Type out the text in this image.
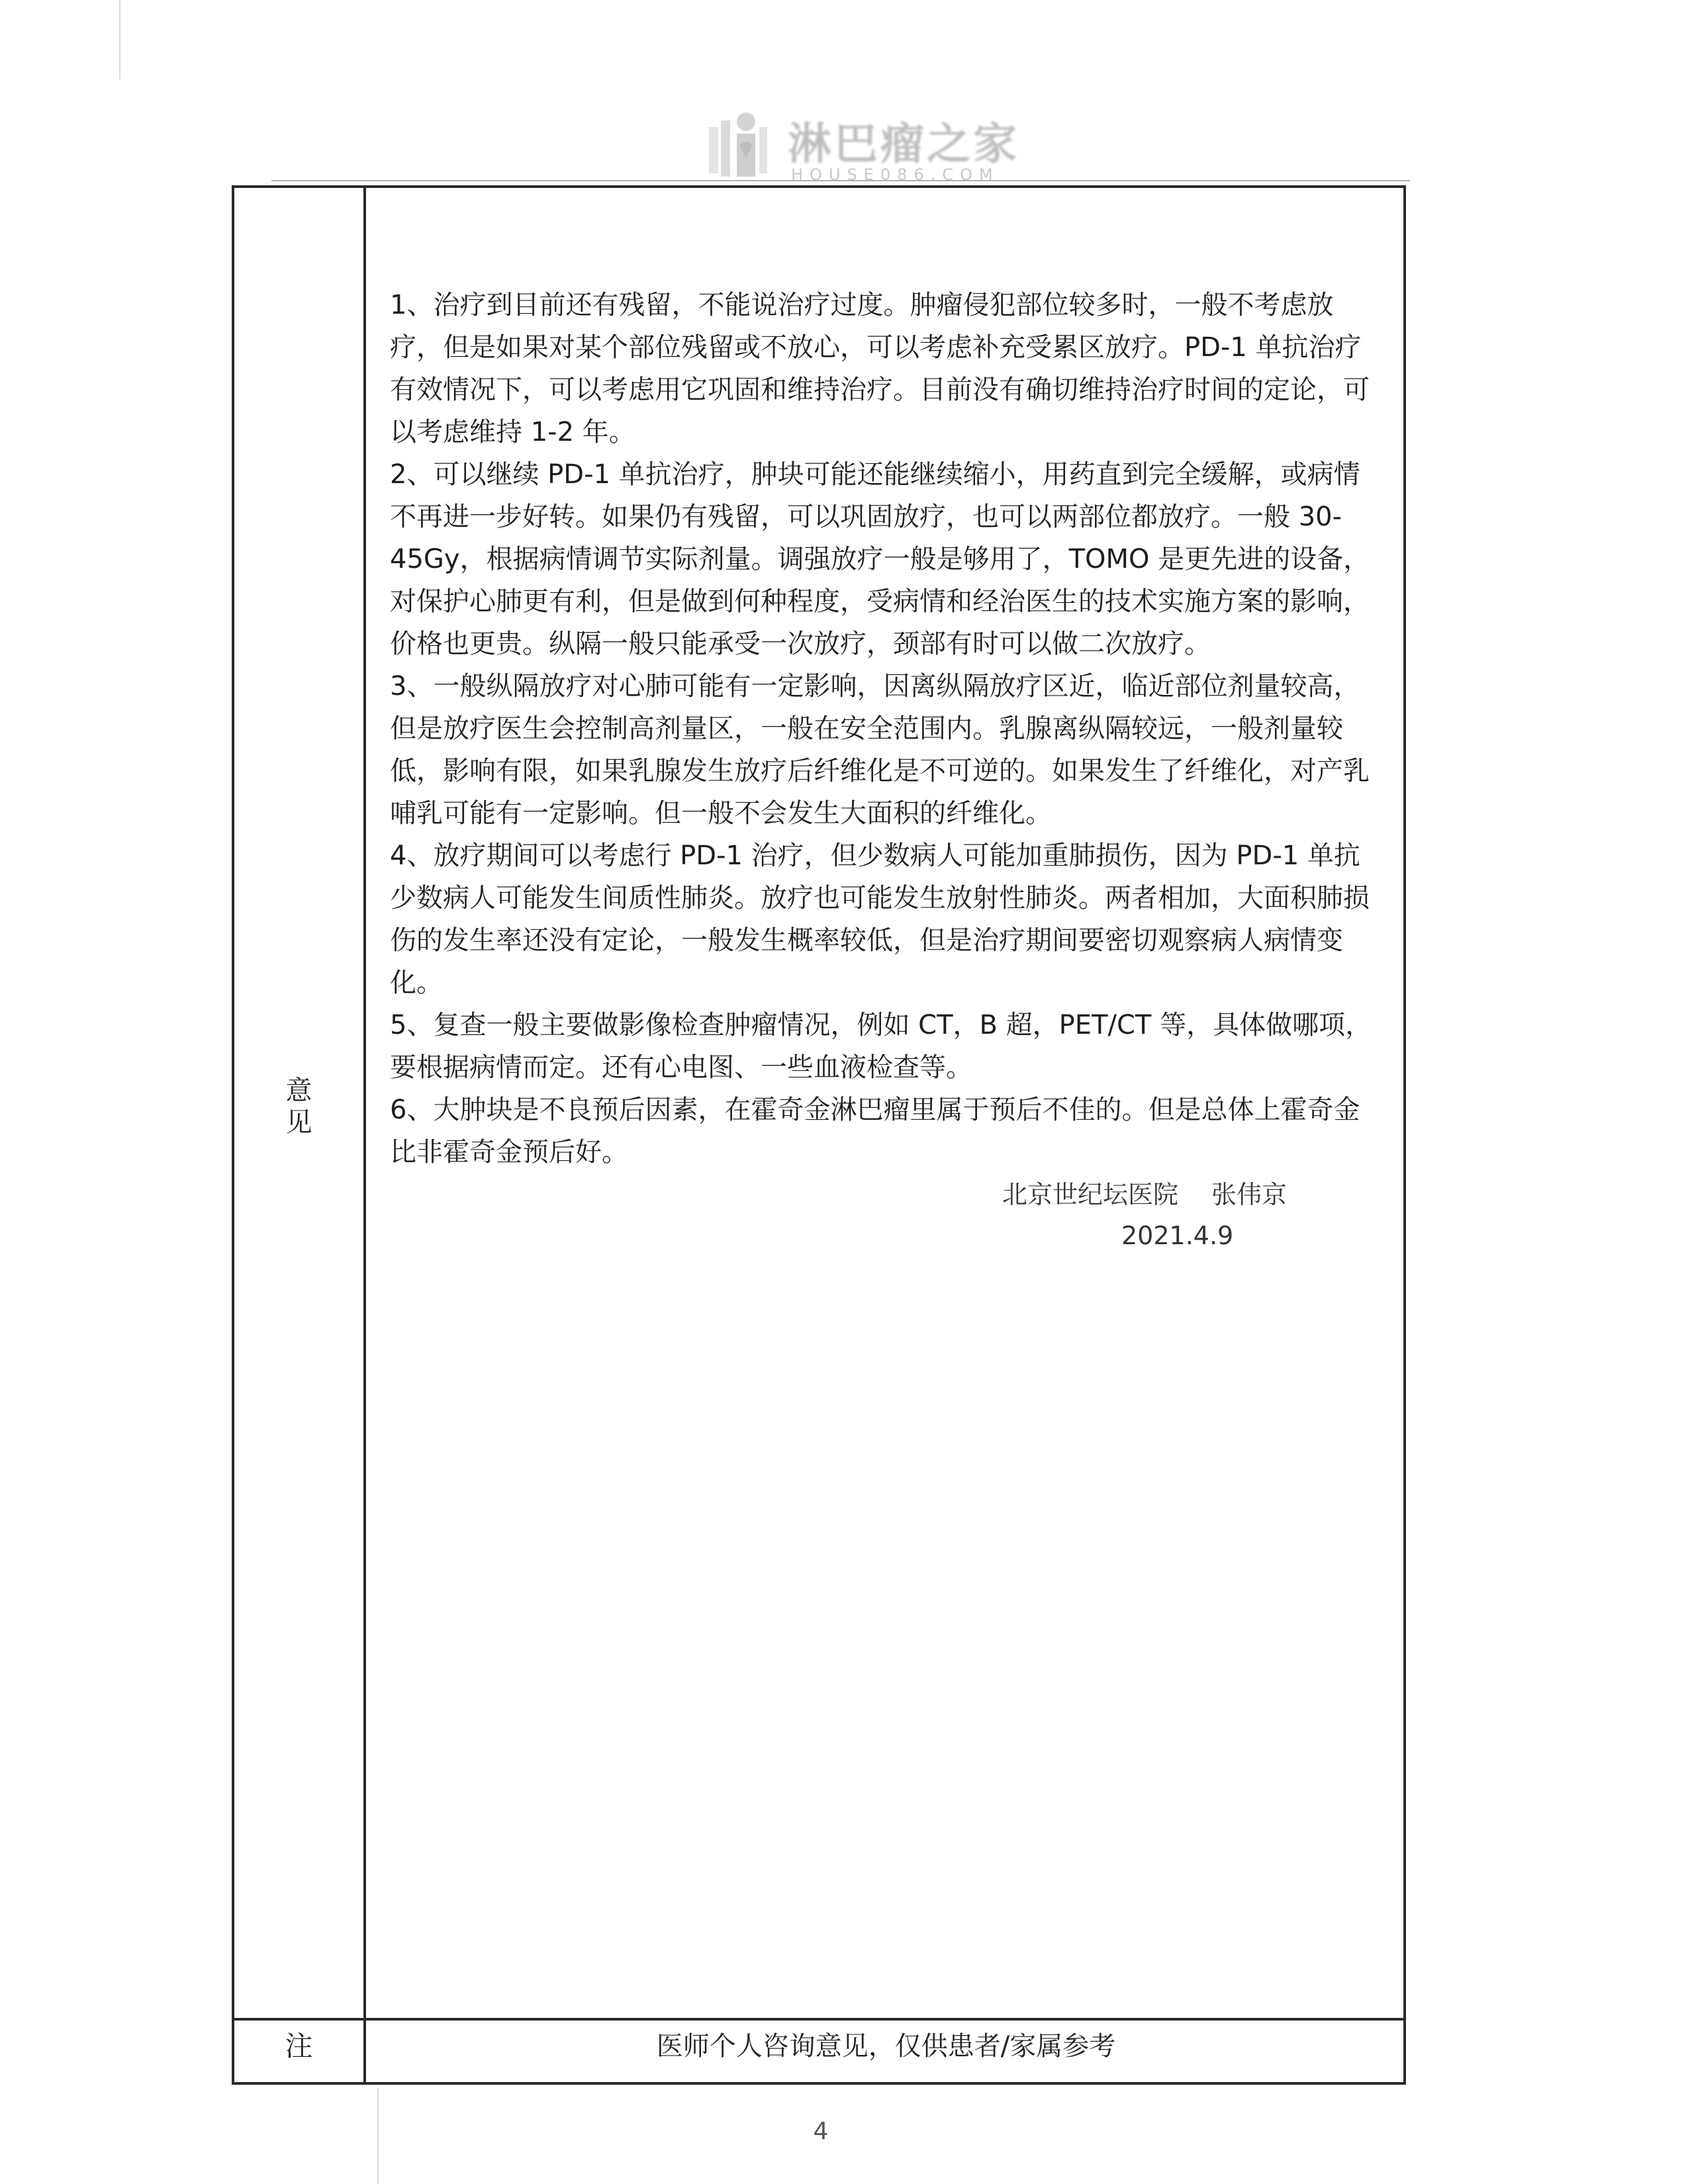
淋巴瘤之家
HOUSE086.COM
意见

1、治疗到目前还有残留，不能说治疗过度。肿瘤侵犯部位较多时，一般不考虑放疗，但是如果对某个部位残留或不放心，可以考虑补充受累区放疗。PD-1 单抗治疗有效情况下，可以考虑用它巩固和维持治疗。目前没有确切维持治疗时间的定论，可以考虑维持 1-2 年。

2、可以继续 PD-1 单抗治疗，肿块可能还能继续缩小，用药直到完全缓解，或病情不再进一步好转。如果仍有残留，可以巩固放疗，也可以两部位都放疗。一般 30-45Gy，根据病情调节实际剂量。调强放疗一般是够用了，TOMO 是更先进的设备，对保护心肺更有利，但是做到何种程度，受病情和经治医生的技术实施方案的影响，价格也更贵。纵隔一般只能承受一次放疗，颈部有时可以做二次放疗。

3、一般纵隔放疗对心肺可能有一定影响，因离纵隔放疗区近，临近部位剂量较高，但是放疗医生会控制高剂量区，一般在安全范围内。乳腺离纵隔较远，一般剂量较低，影响有限，如果乳腺发生放疗后纤维化是不可逆的。如果发生了纤维化，对产乳哺乳可能有一定影响。但一般不会发生大面积的纤维化。

4、放疗期间可以考虑行 PD-1 治疗，但少数病人可能加重肺损伤，因为 PD-1 单抗少数病人可能发生间质性肺炎。放疗也可能发生放射性肺炎。两者相加，大面积肺损伤的发生率还没有定论，一般发生概率较低，但是治疗期间要密切观察病人病情变化。

5、复查一般主要做影像检查肿瘤情况，例如 CT，B 超，PET/CT 等，具体做哪项，要根据病情而定。还有心电图、一些血液检查等。

6、大肿块是不良预后因素，在霍奇金淋巴瘤里属于预后不佳的。但是总体上霍奇金比非霍奇金预后好。

北京世纪坛医院 张伟京
2021.4.9
注	医师个人咨询意见，仅供患者/家属参考
4
